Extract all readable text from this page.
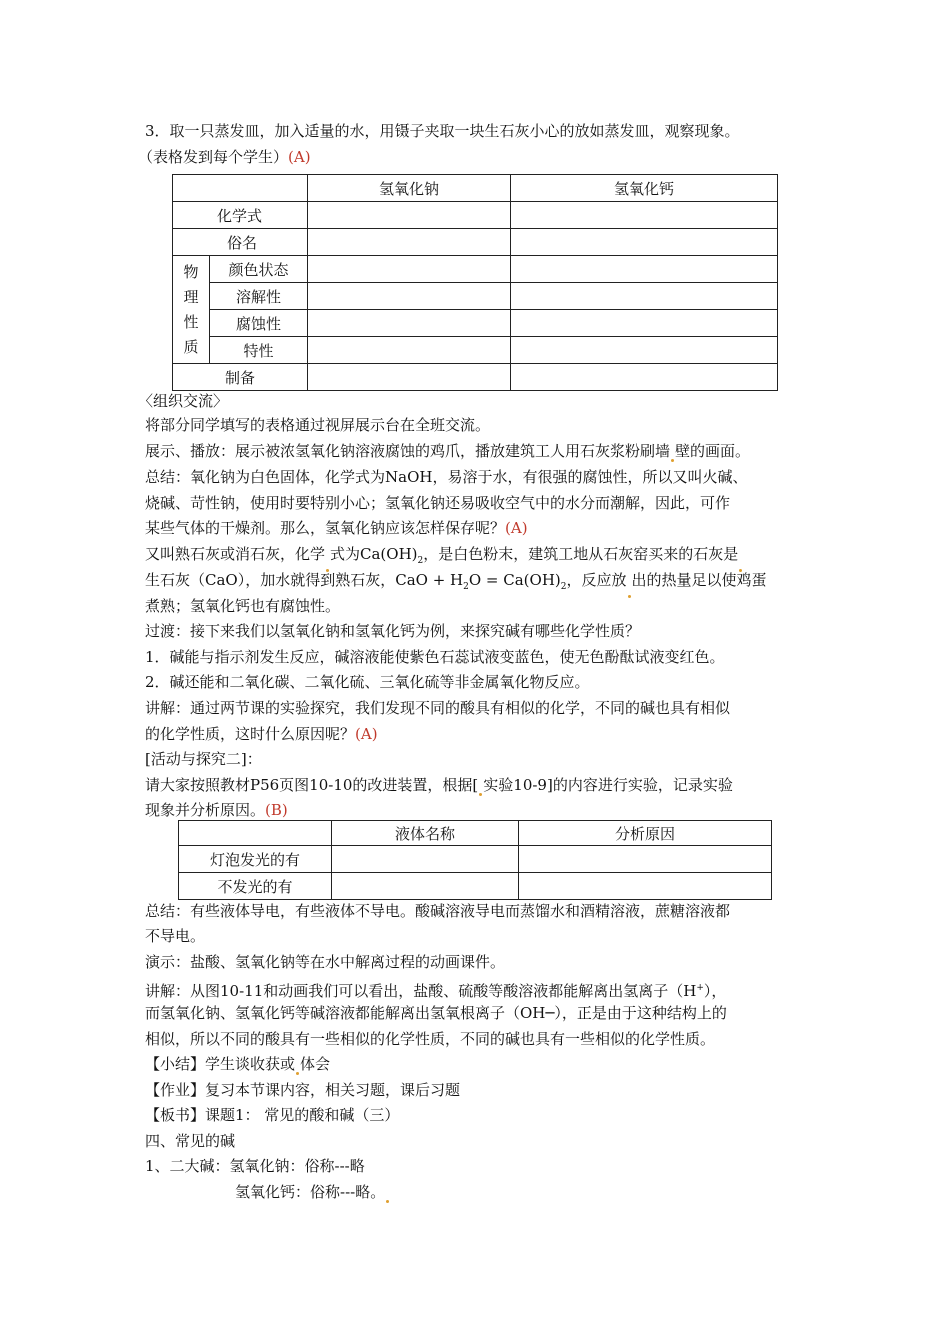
3．取一只蒸发皿，加入适量的水，用镊子夹取一块生石灰小心的放如蒸发皿，观察现象。
（表格发到每个学生）(A)
		氢氧化钠	氢氧化钙
化学式			
俗名			
物
理
性
质	颜色状态		
	溶解性		
	腐蚀性		
	特性		
制备			
〈组织交流〉
将部分同学填写的表格通过视屏展示台在全班交流。
展示、播放：展示被浓氢氧化钠溶液腐蚀的鸡爪，播放建筑工人用石灰浆粉刷墙 壁的画面。
总结：氧化钠为白色固体，化学式为NaOH，易溶于水，有很强的腐蚀性，所以又叫火碱、
烧碱、苛性钠，使用时要特别小心；氢氧化钠还易吸收空气中的水分而潮解，因此，可作
某些气体的干燥剂。那么，氢氧化钠应该怎样保存呢？(A)
又叫熟石灰或消石灰，化学 式为$Ca(OH)_2$，是白色粉末，建筑工地从石灰窑买来的石灰是
生石灰（CaO），加水就得到熟石灰，CaO + $H_2O = Ca(OH)_2$，反应放 出的热量足以使鸡蛋
煮熟；氢氧化钙也有腐蚀性。
过渡：接下来我们以氢氧化钠和氢氧化钙为例，来探究碱有哪些化学性质？
1．碱能与指示剂发生反应，碱溶液能使紫色石蕊试液变蓝色，使无色酚酞试液变红色。
2．碱还能和二氧化碳、二氧化硫、三氧化硫等非金属氧化物反应。
讲解：通过两节课的实验探究，我们发现不同的酸具有相似的化学，不同的碱也具有相似
的化学性质，这时什么原因呢？(A)
[活动与探究二]：
请大家按照教材P56页图10-10的改进装置，根据[ 实验10-9]的内容进行实验，记录实验
现象并分析原因。(B)
	液体名称	分析原因
灯泡发光的有		
不发光的有		
总结：有些液体导电，有些液体不导电。酸碱溶液导电而蒸馏水和酒精溶液，蔗糖溶液都
不导电。
演示：盐酸、氢氧化钠等在水中解离过程的动画课件。
讲解：从图10-11和动画我们可以看出，盐酸、硫酸等酸溶液都能解离出氢离子（H+），
而氢氧化钠、氢氧化钙等碱溶液都能解离出氢氧根离子（OH─），正是由于这种结构上的
相似，所以不同的酸具有一些相似的化学性质，不同的碱也具有一些相似的化学性质。
【小结】学生谈收获或 体会
【作业】复习本节课内容，相关习题，课后习题
【板书】课题1： 常见的酸和碱（三）
四、常见的碱
1、二大碱：氢氧化钠：俗称---略
氢氧化钙：俗称---略。
